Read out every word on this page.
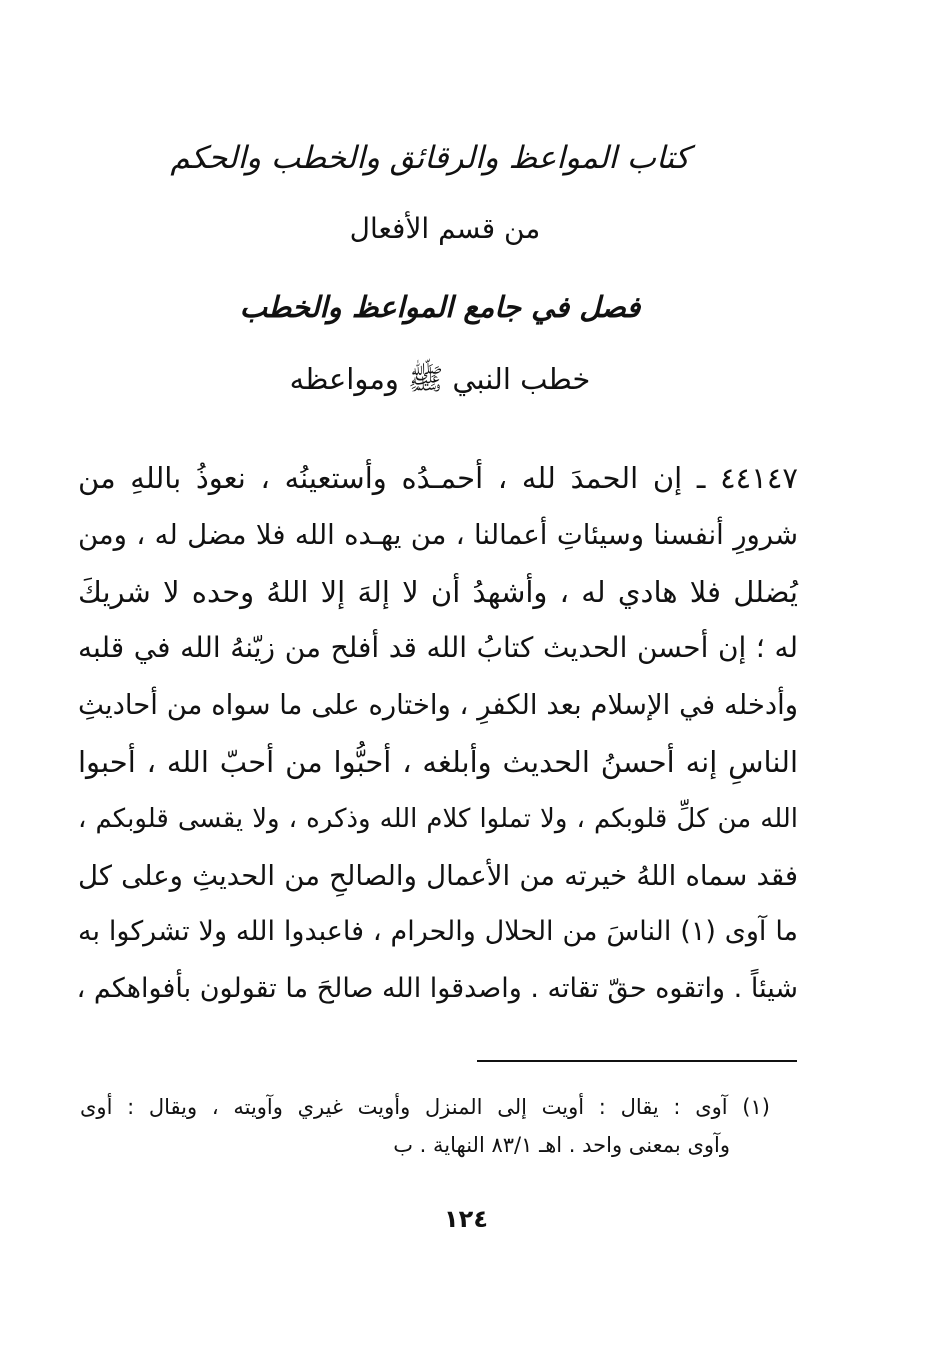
كتاب المواعظ والرقائق والخطب والحكم
من قسم الأفعال
فصل في جامع المواعظ والخطب
خطب النبي ﷺ ومواعظه
٤٤١٤٧ ـ إن الحمدَ لله ، أحمـدُه وأستعينُه ، نعوذُ باللهِ من
شرورِ أنفسنا وسيئاتِ أعمالنا ، من يهـده الله فلا مضل له ، ومن
يُضلل فلا هادي له ، وأشهدُ أن لا إلهَ إلا اللهُ وحده لا شريكَ
له ؛ إن أحسن الحديث كتابُ الله قد أفلح من زيّنهُ الله في قلبه
وأدخله في الإسلام بعد الكفرِ ، واختاره على ما سواه من أحاديثِ
الناسِ إنه أحسنُ الحديث وأبلغه ، أحبُّوا من أحبّ الله ، أحبوا
الله من كلِّ قلوبكم ، ولا تملوا كلام الله وذكره ، ولا يقسى قلوبكم ،
فقد سماه اللهُ خيرته من الأعمال والصالحِ من الحديثِ وعلى كل
ما آوى (١) الناسَ من الحلال والحرام ، فاعبدوا الله ولا تشركوا به
شيئاً . واتقوه حقّ تقاته . واصدقوا الله صالحَ ما تقولون بأفواهكم ،
(١) آوى : يقال : أويت إلى المنزل وأويت غيري وآويته ، ويقال : أوى
وآوى بمعنى واحد . اهـ ٨٣/١ النهاية . ب
١٢٤
